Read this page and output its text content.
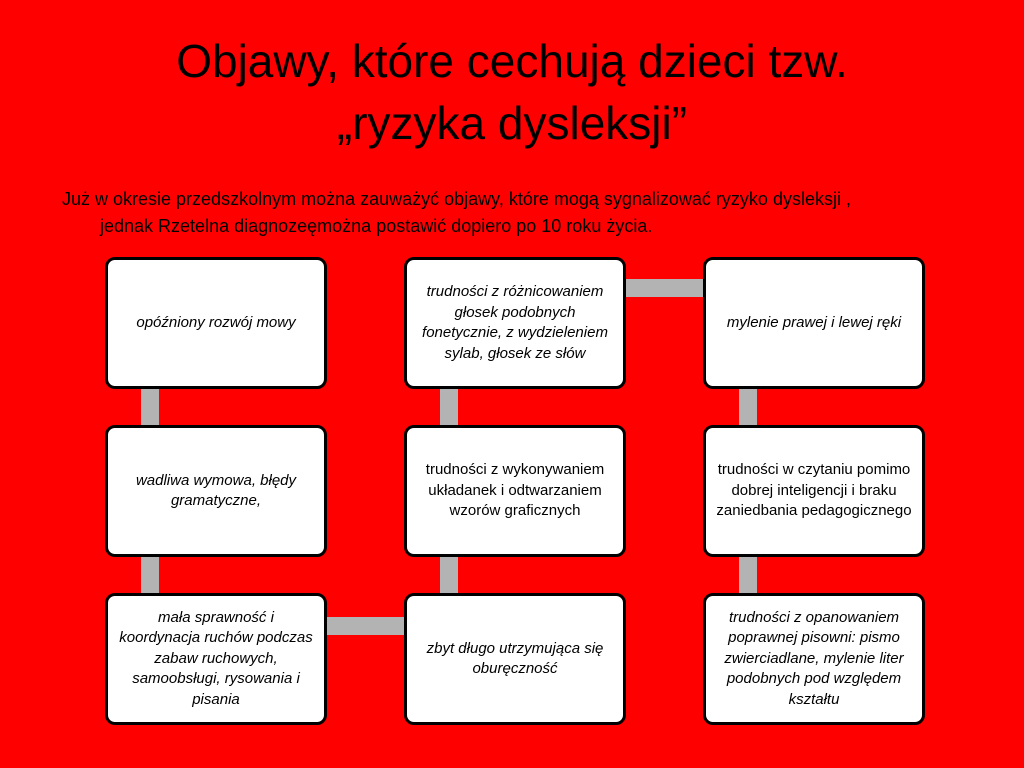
Objawy, które cechują dzieci tzw.
„ryzyka dysleksji”
Już w okresie przedszkolnym można zauważyć objawy, które mogą sygnalizować ryzyko dysleksji ,
jednak Rzetelna diagnozeęmożna postawić dopiero po 10 roku życia.
opóźniony rozwój mowy
trudności z różnicowaniem głosek podobnych fonetycznie, z wydzieleniem sylab, głosek ze słów
mylenie prawej i lewej ręki
wadliwa wymowa, błędy gramatyczne,
trudności z wykonywaniem układanek i odtwarzaniem wzorów graficznych
trudności w czytaniu pomimo dobrej inteligencji i braku zaniedbania pedagogicznego
mała sprawność i koordynacja ruchów podczas zabaw ruchowych, samoobsługi, rysowania i pisania
zbyt długo utrzymująca się oburęczność
trudności z opanowaniem poprawnej pisowni: pismo zwierciadlane, mylenie liter podobnych pod względem kształtu
